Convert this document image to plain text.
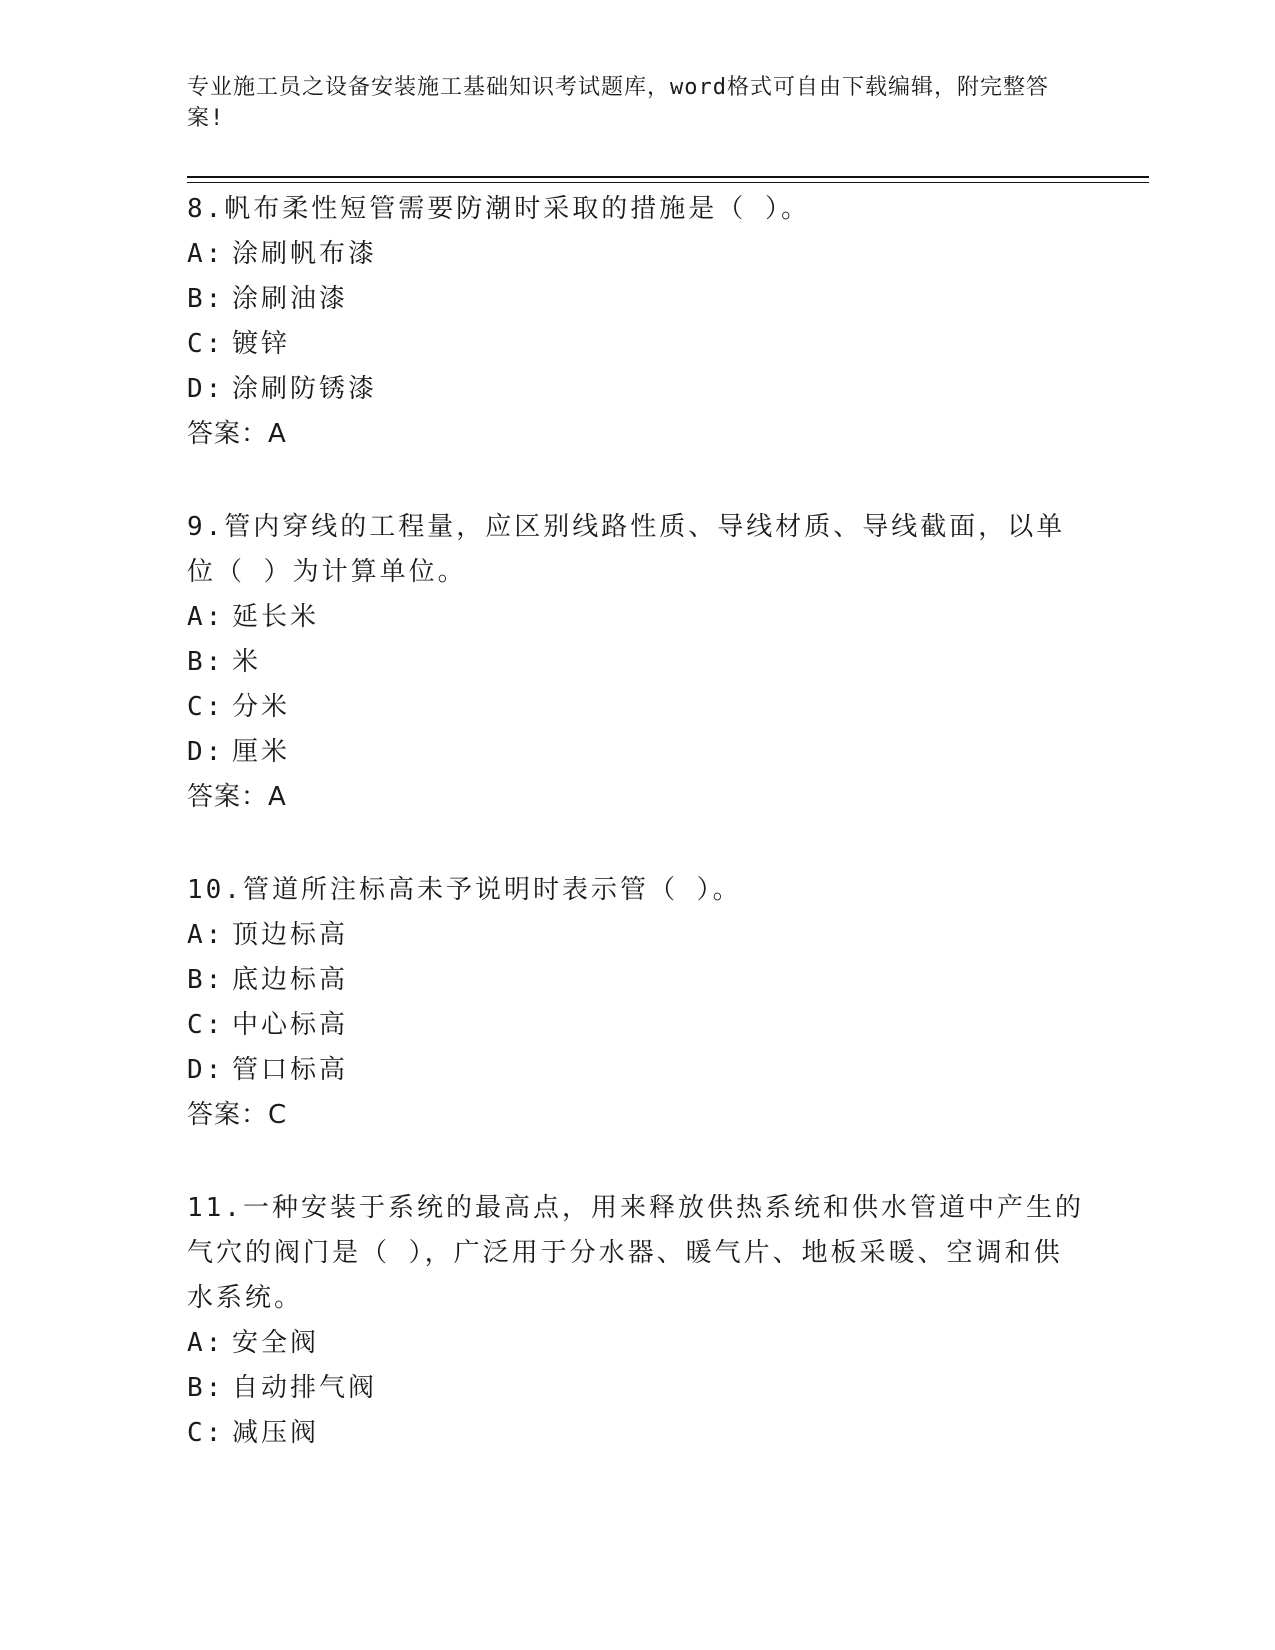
专业施工员之设备安装施工基础知识考试题库，word格式可自由下载编辑，附完整答案!

8.帆布柔性短管需要防潮时采取的措施是（ ）。

A: 涂刷帆布漆
B: 涂刷油漆
C: 镀锌
D: 涂刷防锈漆
答案： A

9.管内穿线的工程量，应区别线路性质、导线材质、导线截面，以单位（ ）为计算单位。

A: 延长米
B: 米
C: 分米
D: 厘米
答案： A

10.管道所注标高未予说明时表示管（ ）。

A: 顶边标高
B: 底边标高
C: 中心标高
D: 管口标高
答案： C

11.一种安装于系统的最高点，用来释放供热系统和供水管道中产生的气穴的阀门是（ ），广泛用于分水器、暖气片、地板采暖、空调和供水系统。

A: 安全阀
B: 自动排气阀
C: 减压阀
